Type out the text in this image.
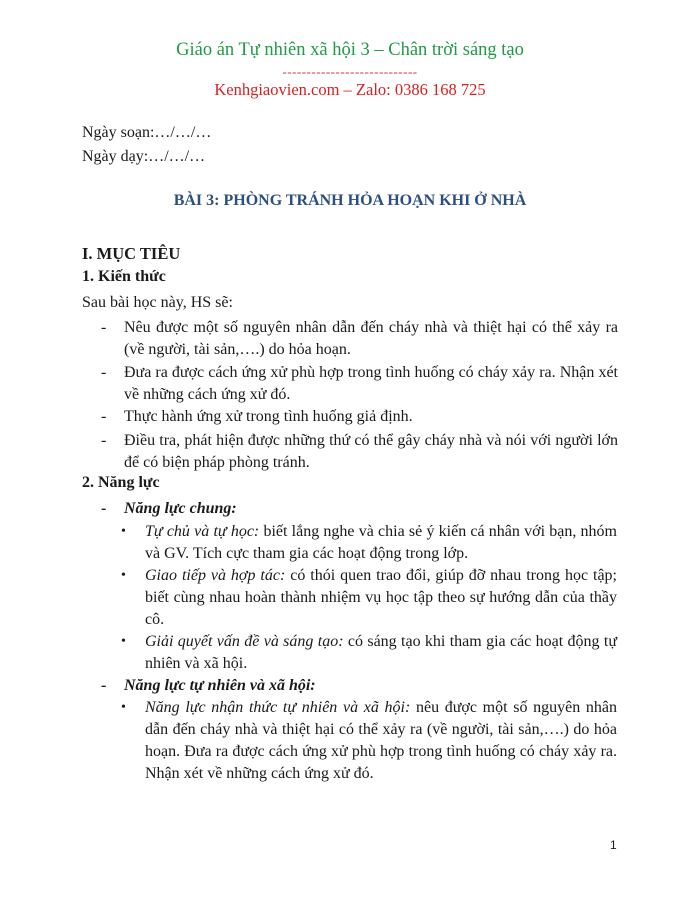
Giáo án Tự nhiên xã hội 3 – Chân trời sáng tạo
----------------------------
Kenhgiaovien.com – Zalo: 0386 168 725
Ngày soạn:…/…/…
Ngày dạy:…/…/…
BÀI 3: PHÒNG TRÁNH HỎA HOẠN KHI Ở NHÀ
I. MỤC TIÊU
1. Kiến thức
Sau bài học này, HS sẽ:
- Nêu được một số nguyên nhân dẫn đến cháy nhà và thiệt hại có thể xảy ra (về người, tài sản,….) do hỏa hoạn.
- Đưa ra được cách ứng xử phù hợp trong tình huống có cháy xảy ra. Nhận xét về những cách ứng xử đó.
- Thực hành ứng xử trong tình huống giả định.
- Điều tra, phát hiện được những thứ có thể gây cháy nhà và nói với người lớn để có biện pháp phòng tránh.
2. Năng lực
- Năng lực chung:
• Tự chủ và tự học: biết lắng nghe và chia sẻ ý kiến cá nhân với bạn, nhóm và GV. Tích cực tham gia các hoạt động trong lớp.
• Giao tiếp và hợp tác: có thói quen trao đổi, giúp đỡ nhau trong học tập; biết cùng nhau hoàn thành nhiệm vụ học tập theo sự hướng dẫn của thầy cô.
• Giải quyết vấn đề và sáng tạo: có sáng tạo khi tham gia các hoạt động tự nhiên và xã hội.
- Năng lực tự nhiên và xã hội:
• Năng lực nhận thức tự nhiên và xã hội: nêu được một số nguyên nhân dẫn đến cháy nhà và thiệt hại có thể xảy ra (về người, tài sản,….) do hỏa hoạn. Đưa ra được cách ứng xử phù hợp trong tình huống có cháy xảy ra. Nhận xét về những cách ứng xử đó.
1
